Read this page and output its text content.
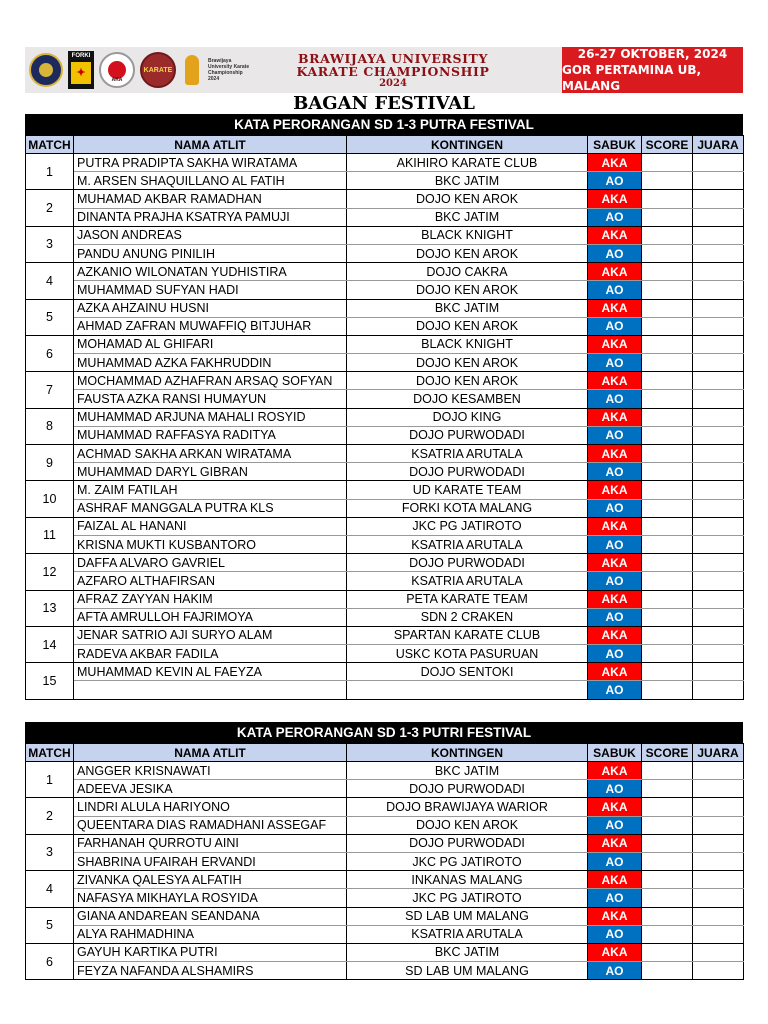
FORKI
✦
AKA
KARATE
Brawijaya University Karate Championship 2024
BRAWIJAYA UNIVERSITY
KARATE CHAMPIONSHIP
2024
26-27 OKTOBER, 2024
GOR PERTAMINA UB, MALANG
BAGAN FESTIVAL
KATA PERORANGAN SD 1-3 PUTRA FESTIVAL
MATCH	NAMA ATLIT	KONTINGEN	SABUK	SCORE	JUARA
1	PUTRA PRADIPTA SAKHA WIRATAMA	AKIHIRO KARATE CLUB	AKA		
	M. ARSEN SHAQUILLANO AL FATIH	BKC JATIM	AO		
2	MUHAMAD AKBAR RAMADHAN	DOJO KEN AROK	AKA		
	DINANTA PRAJHA KSATRYA PAMUJI	BKC JATIM	AO		
3	JASON ANDREAS	BLACK KNIGHT	AKA		
	PANDU ANUNG PINILIH	DOJO KEN AROK	AO		
4	AZKANIO WILONATAN YUDHISTIRA	DOJO CAKRA	AKA		
	MUHAMMAD SUFYAN HADI	DOJO KEN AROK	AO		
5	AZKA AHZAINU HUSNI	BKC JATIM	AKA		
	AHMAD ZAFRAN MUWAFFIQ BITJUHAR	DOJO KEN AROK	AO		
6	MOHAMAD AL GHIFARI	BLACK KNIGHT	AKA		
	MUHAMMAD AZKA FAKHRUDDIN	DOJO KEN AROK	AO		
7	MOCHAMMAD AZHAFRAN ARSAQ SOFYAN	DOJO KEN AROK	AKA		
	FAUSTA AZKA RANSI HUMAYUN	DOJO KESAMBEN	AO		
8	MUHAMMAD ARJUNA MAHALI ROSYID	DOJO KING	AKA		
	MUHAMMAD RAFFASYA RADITYA	DOJO PURWODADI	AO		
9	ACHMAD SAKHA ARKAN WIRATAMA	KSATRIA ARUTALA	AKA		
	MUHAMMAD DARYL GIBRAN	DOJO PURWODADI	AO		
10	M. ZAIM FATILAH	UD KARATE TEAM	AKA		
	ASHRAF MANGGALA PUTRA KLS	FORKI KOTA MALANG	AO		
11	FAIZAL AL HANANI	JKC PG JATIROTO	AKA		
	KRISNA MUKTI KUSBANTORO	KSATRIA ARUTALA	AO		
12	DAFFA ALVARO GAVRIEL	DOJO PURWODADI	AKA		
	AZFARO ALTHAFIRSAN	KSATRIA ARUTALA	AO		
13	AFRAZ ZAYYAN HAKIM	PETA KARATE TEAM	AKA		
	AFTA AMRULLOH FAJRIMOYA	SDN 2 CRAKEN	AO		
14	JENAR SATRIO AJI SURYO ALAM	SPARTAN KARATE CLUB	AKA		
	RADEVA AKBAR FADILA	USKC KOTA PASURUAN	AO		
15	MUHAMMAD KEVIN AL FAEYZA	DOJO SENTOKI	AKA		
			AO		
KATA PERORANGAN SD 1-3 PUTRI FESTIVAL
MATCH	NAMA ATLIT	KONTINGEN	SABUK	SCORE	JUARA
1	ANGGER KRISNAWATI	BKC JATIM	AKA		
	ADEEVA JESIKA	DOJO PURWODADI	AO		
2	LINDRI ALULA HARIYONO	DOJO BRAWIJAYA WARIOR	AKA		
	QUEENTARA DIAS RAMADHANI ASSEGAF	DOJO KEN AROK	AO		
3	FARHANAH QURROTU AINI	DOJO PURWODADI	AKA		
	SHABRINA UFAIRAH ERVANDI	JKC PG JATIROTO	AO		
4	ZIVANKA QALESYA ALFATIH	INKANAS MALANG	AKA		
	NAFASYA MIKHAYLA ROSYIDA	JKC PG JATIROTO	AO		
5	GIANA ANDAREAN SEANDANA	SD LAB UM MALANG	AKA		
	ALYA RAHMADHINA	KSATRIA ARUTALA	AO		
6	GAYUH KARTIKA PUTRI	BKC JATIM	AKA		
	FEYZA NAFANDA ALSHAMIRS	SD LAB UM MALANG	AO		
